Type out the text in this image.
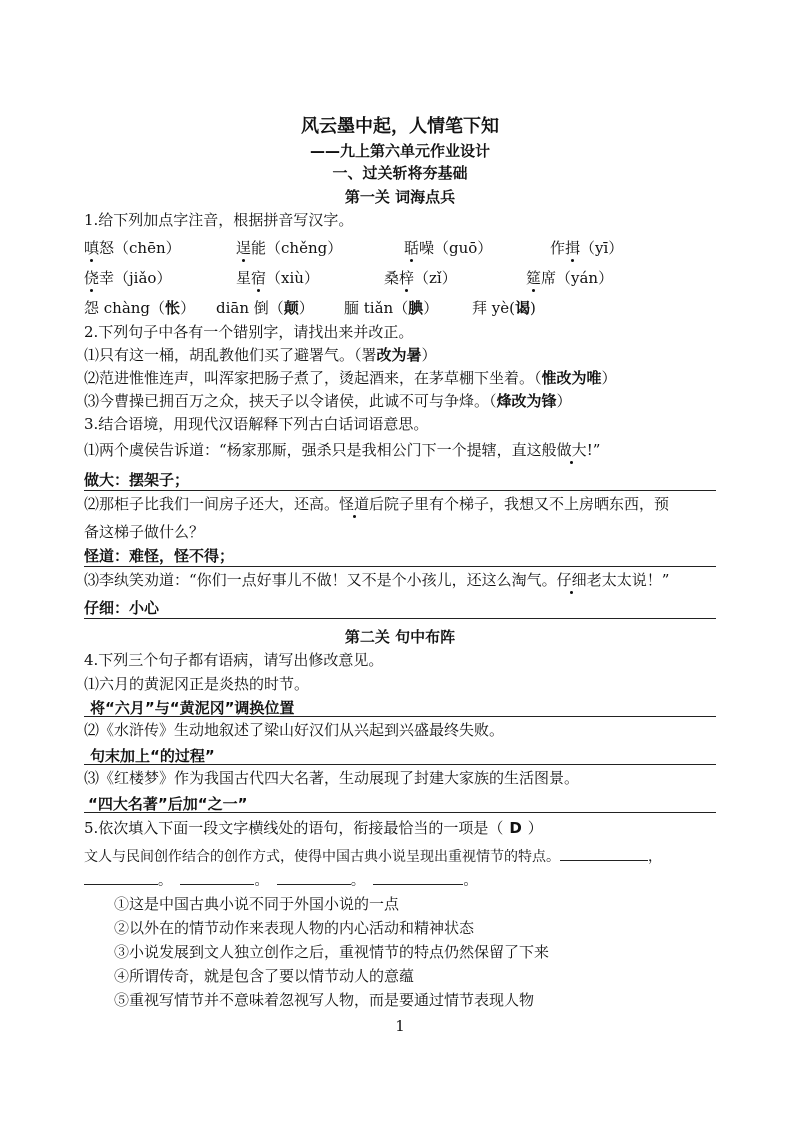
风云墨中起，人情笔下知
——九上第六单元作业设计
一、过关斩将夯基础
第一关 词海点兵
1.给下列加点字注音，根据拼音写汉字。
嗔怒（chēn）	逞能（chěng）	聒噪（guō）	作揖（yī）
侥幸（jiǎo）	星宿（xiù）	桑梓（zǐ）	筵席（yán）
怨 chàng（怅） diān 倒（颠） 腼 tiǎn（腆） 拜 yè(谒)
2.下列句子中各有一个错别字，请找出来并改正。
⑴只有这一桶，胡乱教他们买了避署气。（署改为暑）
⑵范进惟惟连声，叫浑家把肠子煮了，烫起酒来，在茅草棚下坐着。（惟改为唯）
⑶今曹操已拥百万之众，挟天子以令诸侯，此诚不可与争烽。（烽改为锋）
3.结合语境，用现代汉语解释下列古白话词语意思。
⑴两个虞侯告诉道：“杨家那厮，强杀只是我相公门下一个提辖，直这般做大!”
做大：摆架子；
⑵那柜子比我们一间房子还大，还高。怪道后院子里有个梯子，我想又不上房晒东西，预
备这梯子做什么？
怪道：难怪，怪不得；
⑶李纨笑劝道：“你们一点好事儿不做！又不是个小孩儿，还这么淘气。仔细老太太说！”
仔细：小心
第二关 句中布阵
4.下列三个句子都有语病，请写出修改意见。
⑴六月的黄泥冈正是炎热的时节。
将“六月”与“黄泥冈”调换位置
⑵《水浒传》生动地叙述了梁山好汉们从兴起到兴盛最终失败。
句末加上“的过程”
⑶《红楼梦》作为我国古代四大名著，生动展现了封建大家族的生活图景。
“四大名著”后加“之一”
5.依次填入下面一段文字横线处的语句，衔接最恰当的一项是（ D ）
文人与民间创作结合的创作方式，使得中国古典小说呈现出重视情节的特点。	，
。	。	。	。
①这是中国古典小说不同于外国小说的一点
②以外在的情节动作来表现人物的内心活动和精神状态
③小说发展到文人独立创作之后，重视情节的特点仍然保留了下来
④所谓传奇，就是包含了要以情节动人的意蕴
⑤重视写情节并不意味着忽视写人物，而是要通过情节表现人物
1
